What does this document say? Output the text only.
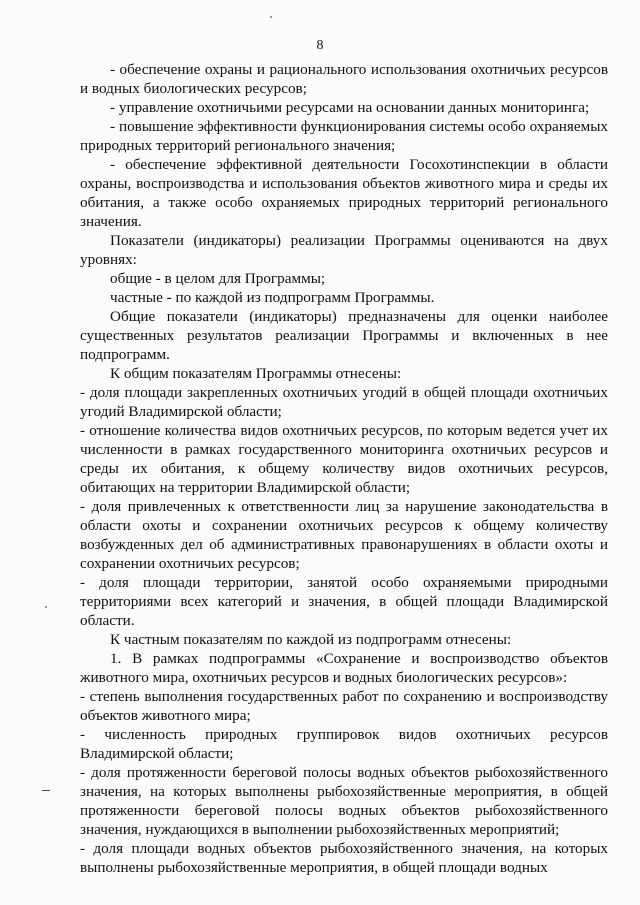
8

- обеспечение охраны и рационального использования охотничьих ресурсов и водных биологических ресурсов;

- управление охотничьими ресурсами на основании данных мониторинга;

- повышение эффективности функционирования системы особо охраняемых природных территорий регионального значения;

- обеспечение эффективной деятельности Госохотинспекции в области охраны, воспроизводства и использования объектов животного мира и среды их обитания, а также особо охраняемых природных территорий регионального значения.

Показатели (индикаторы) реализации Программы оцениваются на двух уровнях:

общие - в целом для Программы;

частные - по каждой из подпрограмм Программы.

Общие показатели (индикаторы) предназначены для оценки наиболее существенных результатов реализации Программы и включенных в нее подпрограмм.

К общим показателям Программы отнесены:

- доля площади закрепленных охотничьих угодий в общей площади охотничьих угодий Владимирской области;

- отношение количества видов охотничьих ресурсов, по которым ведется учет их численности в рамках государственного мониторинга охотничьих ресурсов и среды их обитания, к общему количеству видов охотничьих ресурсов, обитающих на территории Владимирской области;

- доля привлеченных к ответственности лиц за нарушение законодательства в области охоты и сохранении охотничьих ресурсов к общему количеству возбужденных дел об административных правонарушениях в области охоты и сохранении охотничьих ресурсов;

- доля площади территории, занятой особо охраняемыми природными территориями всех категорий и значения, в общей площади Владимирской области.

К частным показателям по каждой из подпрограмм отнесены:

1. В рамках подпрограммы «Сохранение и воспроизводство объектов животного мира, охотничьих ресурсов и водных биологических ресурсов»:

- степень выполнения государственных работ по сохранению и воспроизводству объектов животного мира;

- численность природных группировок видов охотничьих ресурсов Владимирской области;

- доля протяженности береговой полосы водных объектов рыбохозяйственного значения, на которых выполнены рыбохозяйственные мероприятия, в общей протяженности береговой полосы водных объектов рыбохозяйственного значения, нуждающихся в выполнении рыбохозяйственных мероприятий;

- доля площади водных объектов рыбохозяйственного значения, на которых выполнены рыбохозяйственные мероприятия, в общей площади водных
